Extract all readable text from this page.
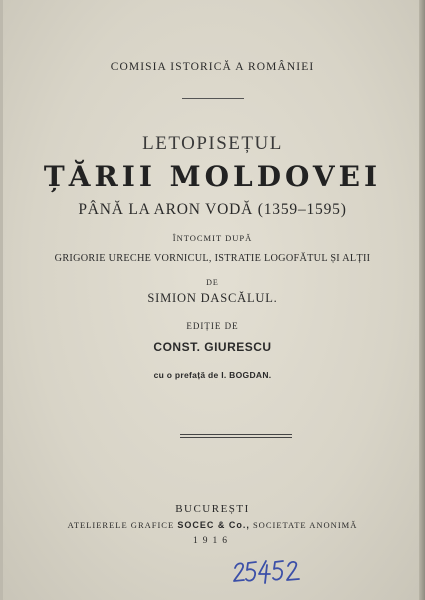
COMISIA ISTORICĂ A ROMÂNIEI
LETOPISEȚUL
ȚĂRII MOLDOVEI
PÂNĂ LA ARON VODĂ (1359–1595)
ÎNTOCMIT DUPĂ
GRIGORIE URECHE VORNICUL, ISTRATIE LOGOFĂTUL ȘI ALȚII
DE
SIMION DASCĂLUL.
EDIȚIE DE
CONST. GIURESCU
cu o prefață de I. BOGDAN.
BUCUREȘTI
ATELIERELE GRAFICE SOCEC & Co., SOCIETATE ANONIMĂ
1916
